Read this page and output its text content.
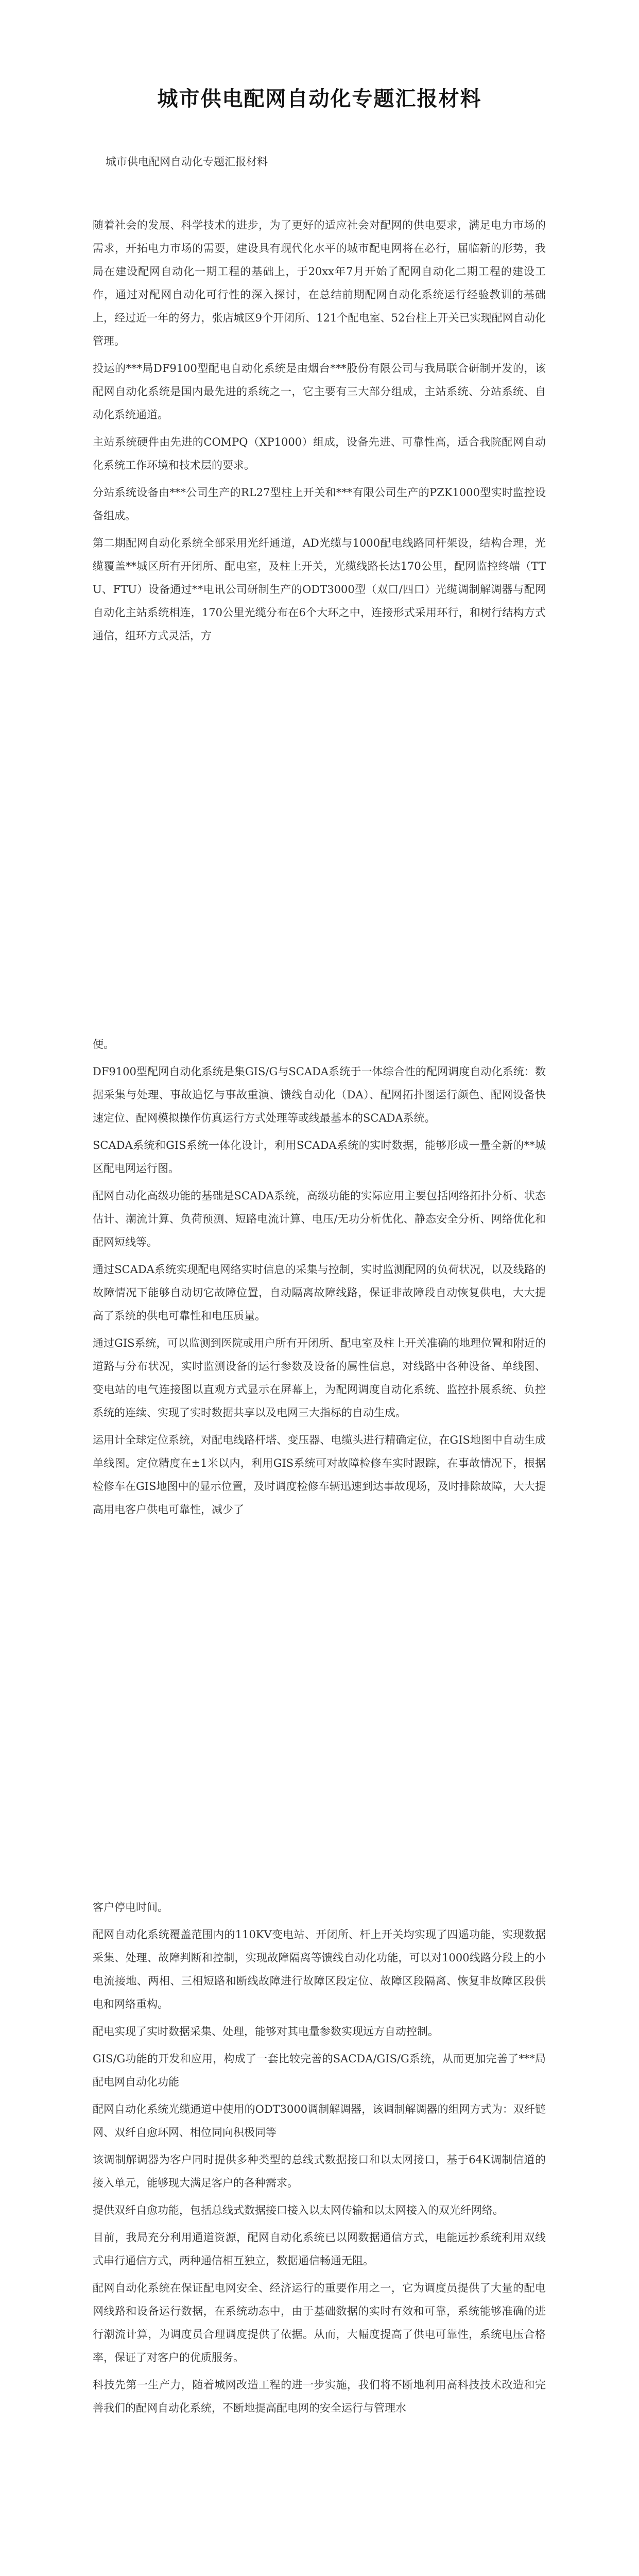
城市供电配网自动化专题汇报材料

城市供电配网自动化专题汇报材料

随着社会的发展、科学技术的进步，为了更好的适应社会对配网的供电要求，满足电力市场的需求，开拓电力市场的需要，建设具有现代化水平的城市配电网将在必行，届临新的形势，我局在建设配网自动化一期工程的基础上，于20xx年7月开始了配网自动化二期工程的建设工作，通过对配网自动化可行性的深入探讨，在总结前期配网自动化系统运行经验教训的基础上，经过近一年的努力，张店城区9个开闭所、121个配电室、52台柱上开关已实现配网自动化管理。

投运的***局DF9100型配电自动化系统是由烟台***股份有限公司与我局联合研制开发的，该配网自动化系统是国内最先进的系统之一，它主要有三大部分组成，主站系统、分站系统、自动化系统通道。

主站系统硬件由先进的COMPQ（XP1000）组成，设备先进、可靠性高，适合我院配网自动化系统工作环境和技术层的要求。

分站系统设备由***公司生产的RL27型柱上开关和***有限公司生产的PZK1000型实时监控设备组成。

第二期配网自动化系统全部采用光纤通道，AD光缆与1000配电线路同杆架设，结构合理，光缆覆盖**城区所有开闭所、配电室，及柱上开关，光缆线路长达170公里，配网监控终端（TTU、FTU）设备通过**电讯公司研制生产的ODT3000型（双口/四口）光缆调制解调器与配网自动化主站系统相连，170公里光缆分布在6个大环之中，连接形式采用环行，和树行结构方式通信，组环方式灵活，方

便。

DF9100型配网自动化系统是集GIS/G与SCADA系统于一体综合性的配网调度自动化系统：数据采集与处理、事故追忆与事故重演、馈线自动化（DA）、配网拓扑图运行颜色、配网设备快速定位、配网模拟操作仿真运行方式处理等或线最基本的SCADA系统。

SCADA系统和GIS系统一体化设计，利用SCADA系统的实时数据，能够形成一量全新的**城区配电网运行图。

配网自动化高级功能的基础是SCADA系统，高级功能的实际应用主要包括网络拓扑分析、状态估计、潮流计算、负荷预测、短路电流计算、电压/无功分析优化、静态安全分析、网络优化和配网短线等。

通过SCADA系统实现配电网络实时信息的采集与控制，实时监测配网的负荷状况，以及线路的故障情况下能够自动切它故障位置，自动隔离故障线路，保证非故障段自动恢复供电，大大提高了系统的供电可靠性和电压质量。

通过GIS系统，可以监测到医院或用户所有开闭所、配电室及柱上开关准确的地理位置和附近的道路与分布状况，实时监测设备的运行参数及设备的属性信息，对线路中各种设备、单线图、变电站的电气连接图以直观方式显示在屏幕上，为配网调度自动化系统、监控扑展系统、负控系统的连续、实现了实时数据共享以及电网三大指标的自动生成。

运用计全球定位系统，对配电线路杆塔、变压器、电缆头进行精确定位，在GIS地图中自动生成单线图。定位精度在±1米以内，利用GIS系统可对故障检修车实时跟踪，在事故情况下，根据检修车在GIS地图中的显示位置，及时调度检修车辆迅速到达事故现场，及时排除故障，大大提高用电客户供电可靠性，减少了

客户停电时间。

配网自动化系统覆盖范围内的110KV变电站、开闭所、杆上开关均实现了四遥功能，实现数据采集、处理、故障判断和控制，实现故障隔离等馈线自动化功能，可以对1000线路分段上的小电流接地、两相、三相短路和断线故障进行故障区段定位、故障区段隔离、恢复非故障区段供电和网络重构。

配电实现了实时数据采集、处理，能够对其电量参数实现远方自动控制。

GIS/G功能的开发和应用，构成了一套比较完善的SACDA/GIS/G系统，从而更加完善了***局配电网自动化功能

配网自动化系统光缆通道中使用的ODT3000调制解调器，该调制解调器的组网方式为：双纤链网、双纤自愈环网、相位同向积极同等

该调制解调器为客户同时提供多种类型的总线式数据接口和以太网接口，基于64K调制信道的接入单元，能够现大满足客户的各种需求。

提供双纤自愈功能，包括总线式数据接口接入以太网传输和以太网接入的双光纤网络。

目前，我局充分利用通道资源，配网自动化系统已以网数据通信方式，电能远抄系统利用双线式串行通信方式，两种通信相互独立，数据通信畅通无阻。

配网自动化系统在保证配电网安全、经济运行的重要作用之一，它为调度员提供了大量的配电网线路和设备运行数据，在系统动态中，由于基础数据的实时有效和可靠，系统能够准确的进行潮流计算，为调度员合理调度提供了依据。从而，大幅度提高了供电可靠性，系统电压合格率，保证了对客户的优质服务。

科技先第一生产力，随着城网改造工程的进一步实施，我们将不断地利用高科技技术改造和完善我们的配网自动化系统，不断地提高配电网的安全运行与管理水
